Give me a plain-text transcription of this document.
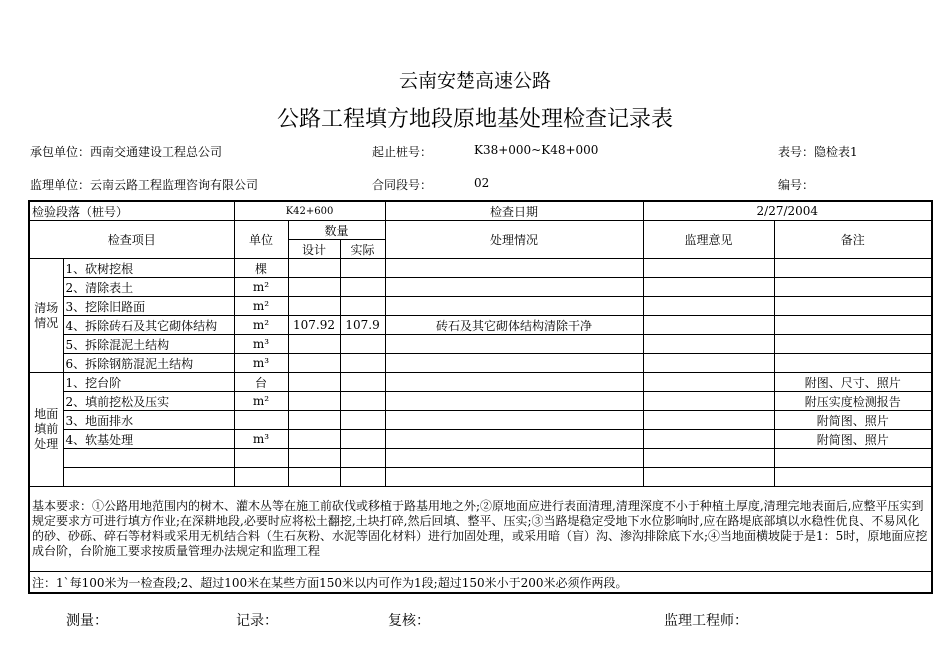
云南安楚高速公路
公路工程填方地段原地基处理检查记录表
承包单位：西南交通建设工程总公司	起止桩号：	K38+000~K48+000	表号：隐检表1
监理单位：云南云路工程监理咨询有限公司	合同段号：	02	编号：
检验段落（桩号）		K42+600			检查日期	2/27/2004	
检查项目		单位	数量		处理情况	监理意见	备注
			设计	实际			

清场情况	1、砍树挖根	棵					
	2、清除表土	m²					
	3、挖除旧路面	m²					
	4、拆除砖石及其它砌体结构	m²	107.92	107.9	砖石及其它砌体结构清除干净		
	5、拆除混泥土结构	m³					
	6、拆除钢筋混泥土结构	m³					

地面填前处理	1、挖台阶	台					附图、尺寸、照片
	2、填前挖松及压实	m²					附压实度检测报告
	3、地面排水						附简图、照片
	4、软基处理	m³					附简图、照片

基本要求：①公路用地范围内的树木、灌木丛等在施工前砍伐或移植于路基用地之外;②原地面应进行表面清理,清理深度不小于种植土厚度,清理完地表面后,应整平压实到规定要求方可进行填方作业;在深耕地段,必要时应将松土翻挖,土块打碎,然后回填、整平、压实;③当路堤稳定受地下水位影响时,应在路堤底部填以水稳性优良、不易风化的砂、砂砾、碎石等材料或采用无机结合料（生石灰粉、水泥等固化材料）进行加固处理，或采用暗（盲）沟、渗沟排除底下水;④当地面横坡陡于是1：5时，原地面应挖成台阶，台阶施工要求按质量管理办法规定和监理工程							
注：1`每100米为一检查段;2、超过100米在某些方面150米以内可作为1段;超过150米小于200米必须作两段。							
测量：	记录：	复核：	监理工程师：
